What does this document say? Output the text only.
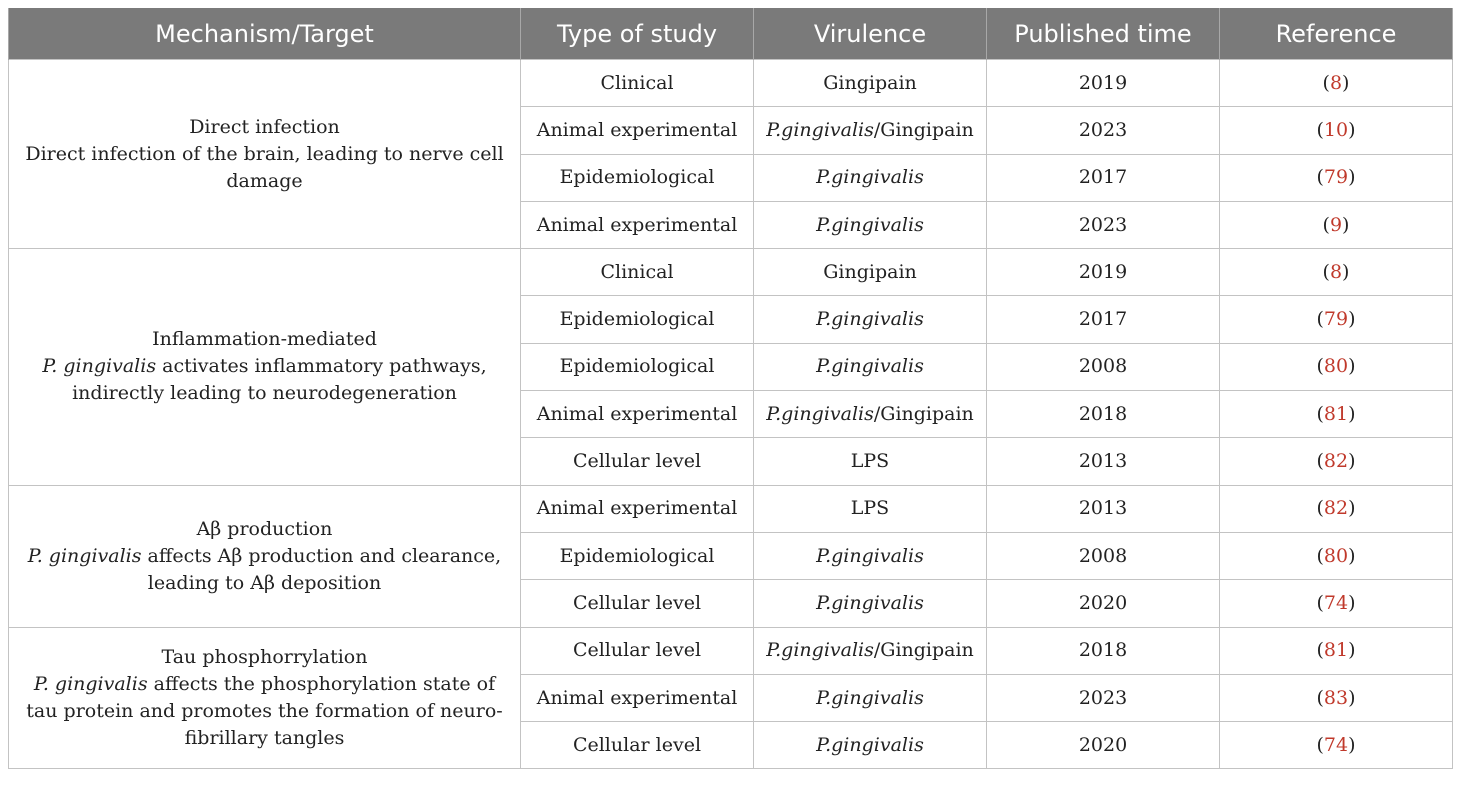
Mechanism/Target	Type of study	Virulence	Published time	Reference

Direct infection
Direct infection of the brain, leading to nerve cell damage	Clinical	Gingipain	2019	(8)
	Animal experimental	P.gingivalis/Gingipain	2023	(10)
	Epidemiological	P.gingivalis	2017	(79)
	Animal experimental	P.gingivalis	2023	(9)

Inflammation-mediated
P. gingivalis activates inflammatory pathways, indirectly leading to neurodegeneration	Clinical	Gingipain	2019	(8)
	Epidemiological	P.gingivalis	2017	(79)
	Epidemiological	P.gingivalis	2008	(80)
	Animal experimental	P.gingivalis/Gingipain	2018	(81)
	Cellular level	LPS	2013	(82)

Aβ production
P. gingivalis affects Aβ production and clearance, leading to Aβ deposition	Animal experimental	LPS	2013	(82)
	Epidemiological	P.gingivalis	2008	(80)
	Cellular level	P.gingivalis	2020	(74)

Tau phosphorrylation
P. gingivalis affects the phosphorylation state of tau protein and promotes the formation of neuro-fibrillary tangles	Cellular level	P.gingivalis/Gingipain	2018	(81)
	Animal experimental	P.gingivalis	2023	(83)
	Cellular level	P.gingivalis	2020	(74)
